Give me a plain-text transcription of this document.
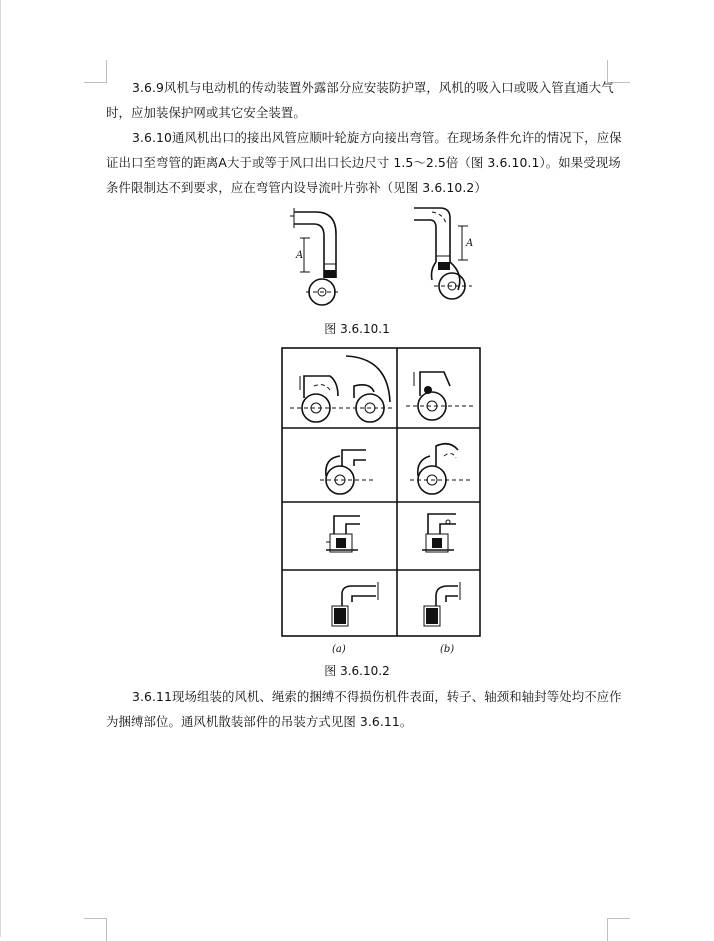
3.6.9风机与电动机的传动装置外露部分应安装防护罩，风机的吸入口或吸入管直通大气时，应加装保护网或其它安全装置。
3.6.10通风机出口的接出风管应顺叶轮旋方向接出弯管。在现场条件允许的情况下，应保证出口至弯管的距离A大于或等于风口出口长边尺寸 1.5～2.5倍（图 3.6.10.1）。如果受现场条件限制达不到要求，应在弯管内设导流叶片弥补（见图 3.6.10.2）
A
A
图 3.6.10.1
(a)	(b)
图 3.6.10.2
3.6.11现场组装的风机、绳索的捆缚不得损伤机件表面，转子、轴颈和轴封等处均不应作为捆缚部位。通风机散装部件的吊装方式见图 3.6.11。
